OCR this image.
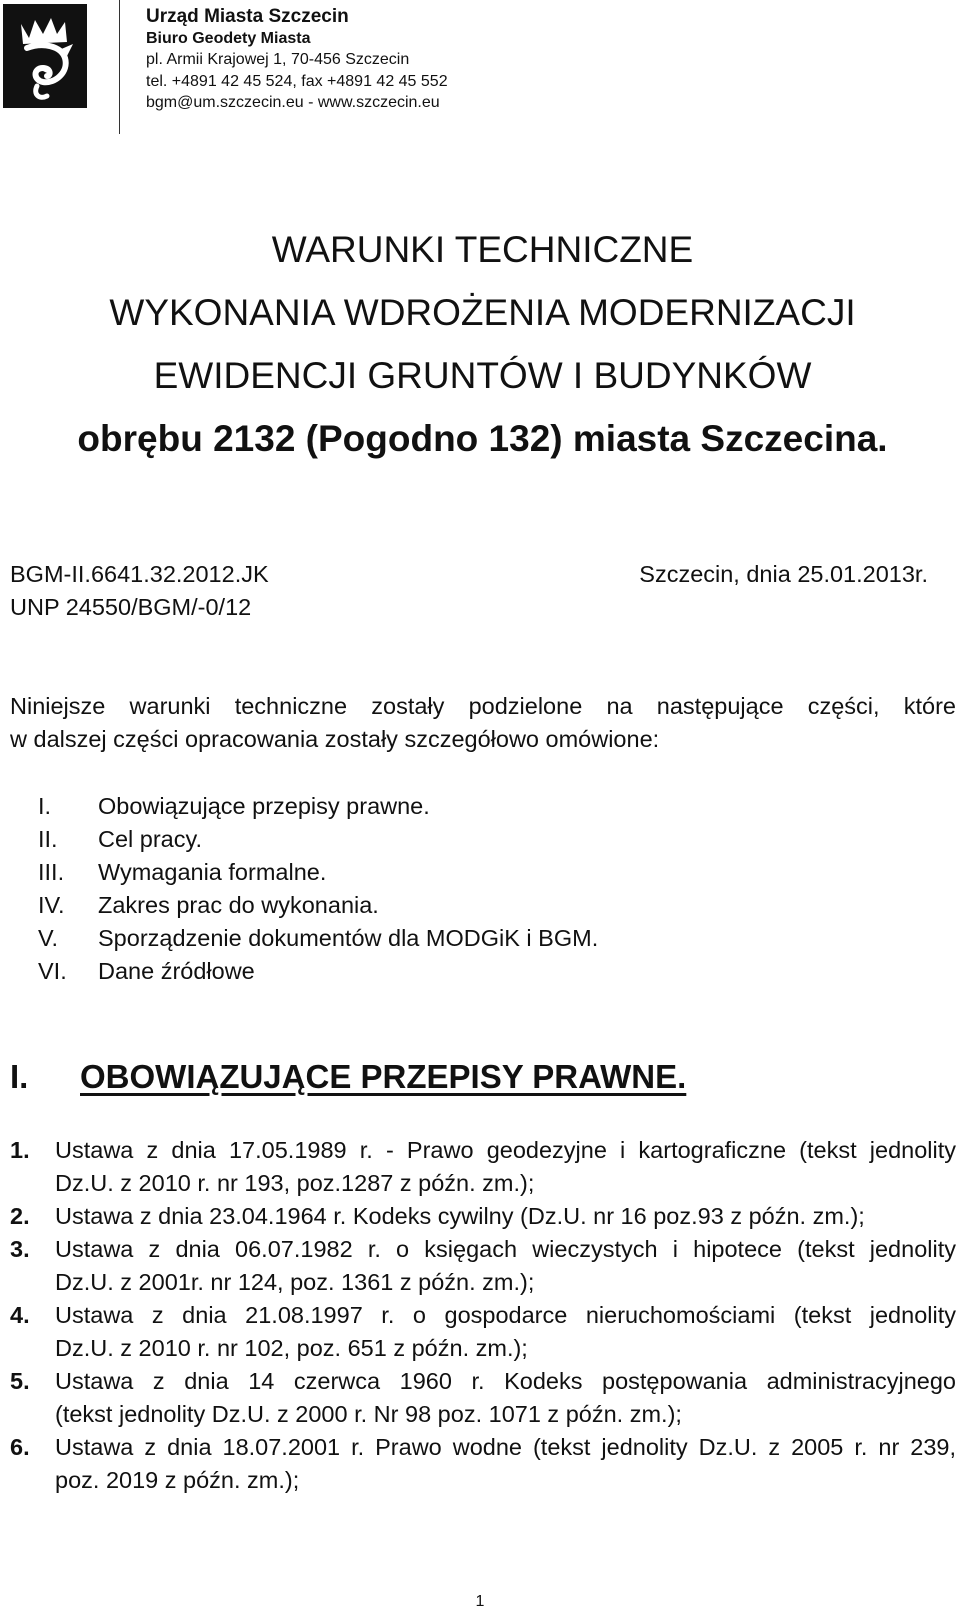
Urząd Miasta Szczecin
Biuro Geodety Miasta
pl. Armii Krajowej 1, 70-456 Szczecin
tel. +4891 42 45 524, fax +4891 42 45 552
bgm@um.szczecin.eu - www.szczecin.eu
WARUNKI TECHNICZNE
WYKONANIA WDROŻENIA MODERNIZACJI
EWIDENCJI GRUNTÓW I BUDYNKÓW
obrębu 2132 (Pogodno 132) miasta Szczecina.
BGM-II.6641.32.2012.JK
UNP 24550/BGM/-0/12
Szczecin, dnia 25.01.2013r.
Niniejsze warunki techniczne zostały podzielone na następujące części, które
w dalszej części opracowania zostały szczegółowo omówione:
I.	Obowiązujące przepisy prawne.
II.	Cel pracy.
III.	Wymagania formalne.
IV.	Zakres prac do wykonania.
V.	Sporządzenie dokumentów dla MODGiK i BGM.
VI.	Dane źródłowe
I. OBOWIĄZUJĄCE PRZEPISY PRAWNE.
1. Ustawa z dnia 17.05.1989 r. - Prawo geodezyjne i kartograficzne (tekst jednolity
Dz.U. z 2010 r. nr 193, poz.1287 z późn. zm.);
2. Ustawa z dnia 23.04.1964 r. Kodeks cywilny (Dz.U. nr 16 poz.93 z późn. zm.);
3. Ustawa z dnia 06.07.1982 r. o księgach wieczystych i hipotece (tekst jednolity
Dz.U. z 2001r. nr 124, poz. 1361 z późn. zm.);
4. Ustawa z dnia 21.08.1997 r. o gospodarce nieruchomościami (tekst jednolity
Dz.U. z 2010 r. nr 102, poz. 651 z późn. zm.);
5. Ustawa z dnia 14 czerwca 1960 r. Kodeks postępowania administracyjnego
(tekst jednolity Dz.U. z 2000 r. Nr 98 poz. 1071 z późn. zm.);
6. Ustawa z dnia 18.07.2001 r. Prawo wodne (tekst jednolity Dz.U. z 2005 r. nr 239,
poz. 2019 z późn. zm.);
1
